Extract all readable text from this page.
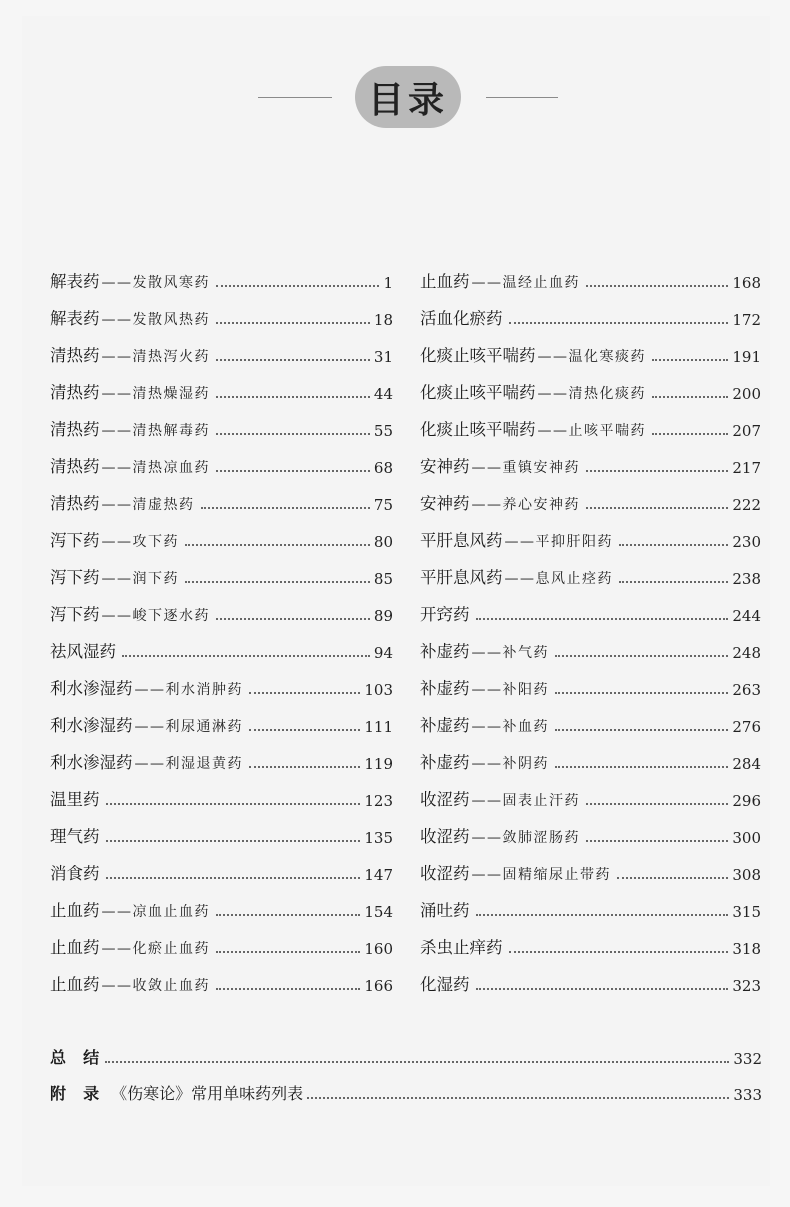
目录
解表药 ——发散风寒药	1
解表药 ——发散风热药	18
清热药 ——清热泻火药	31
清热药 ——清热燥湿药	44
清热药 ——清热解毒药	55
清热药 ——清热凉血药	68
清热药 ——清虚热药	75
泻下药 ——攻下药	80
泻下药 ——润下药	85
泻下药 ——峻下逐水药	89
祛风湿药	94
利水渗湿药 ——利水消肿药	103
利水渗湿药 ——利尿通淋药	111
利水渗湿药 ——利湿退黄药	119
温里药	123
理气药	135
消食药	147
止血药 ——凉血止血药	154
止血药 ——化瘀止血药	160
止血药 ——收敛止血药	166
止血药 ——温经止血药	168
活血化瘀药	172
化痰止咳平喘药 ——温化寒痰药	191
化痰止咳平喘药 ——清热化痰药	200
化痰止咳平喘药 ——止咳平喘药	207
安神药 ——重镇安神药	217
安神药 ——养心安神药	222
平肝息风药 ——平抑肝阳药	230
平肝息风药 ——息风止痉药	238
开窍药	244
补虚药 ——补气药	248
补虚药 ——补阳药	263
补虚药 ——补血药	276
补虚药 ——补阴药	284
收涩药 ——固表止汗药	296
收涩药 ——敛肺涩肠药	300
收涩药 ——固精缩尿止带药	308
涌吐药	315
杀虫止痒药	318
化湿药	323
总  结	332
附  录 《伤寒论》常用单味药列表	333
